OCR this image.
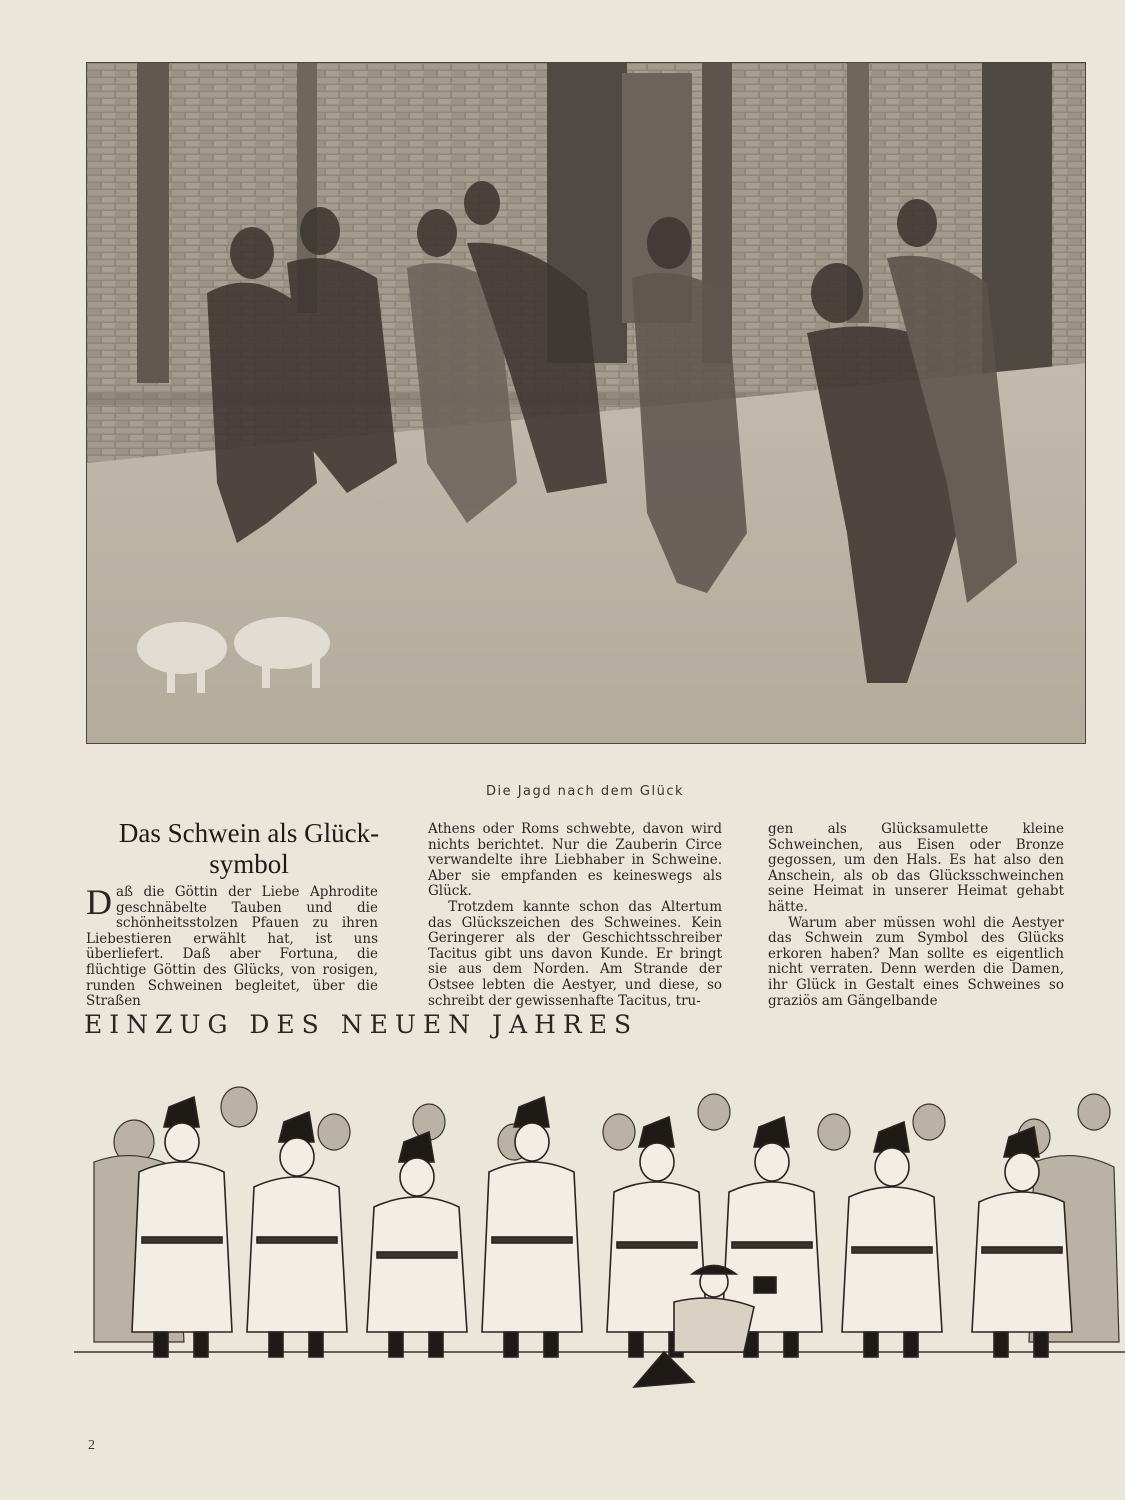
Die Jagd nach dem Glück
Das Schwein als Glück-symbol

Daß die Göttin der Liebe Aphrodite geschnäbelte Tauben und die schönheitsstolzen Pfauen zu ihren Liebestieren erwählt hat, ist uns überliefert. Daß aber Fortuna, die flüchtige Göttin des Glücks, von rosigen, runden Schweinen begleitet, über die Straßen

Athens oder Roms schwebte, davon wird nichts berichtet. Nur die Zauberin Circe verwandelte ihre Liebhaber in Schweine. Aber sie empfanden es keineswegs als Glück.

Trotzdem kannte schon das Altertum das Glückszeichen des Schweines. Kein Geringerer als der Geschichtsschreiber Tacitus gibt uns davon Kunde. Er bringt sie aus dem Norden. Am Strande der Ostsee lebten die Aestyer, und diese, so schreibt der gewissenhafte Tacitus, tru-

gen als Glücksamulette kleine Schweinchen, aus Eisen oder Bronze gegossen, um den Hals. Es hat also den Anschein, als ob das Glücksschweinchen seine Heimat in unserer Heimat gehabt hätte.

Warum aber müssen wohl die Aestyer das Schwein zum Symbol des Glücks erkoren haben? Man sollte es eigentlich nicht verraten. Denn werden die Damen, ihr Glück in Gestalt eines Schweines so graziös am Gängelbande

EINZUG DES NEUEN JAHRES
2
